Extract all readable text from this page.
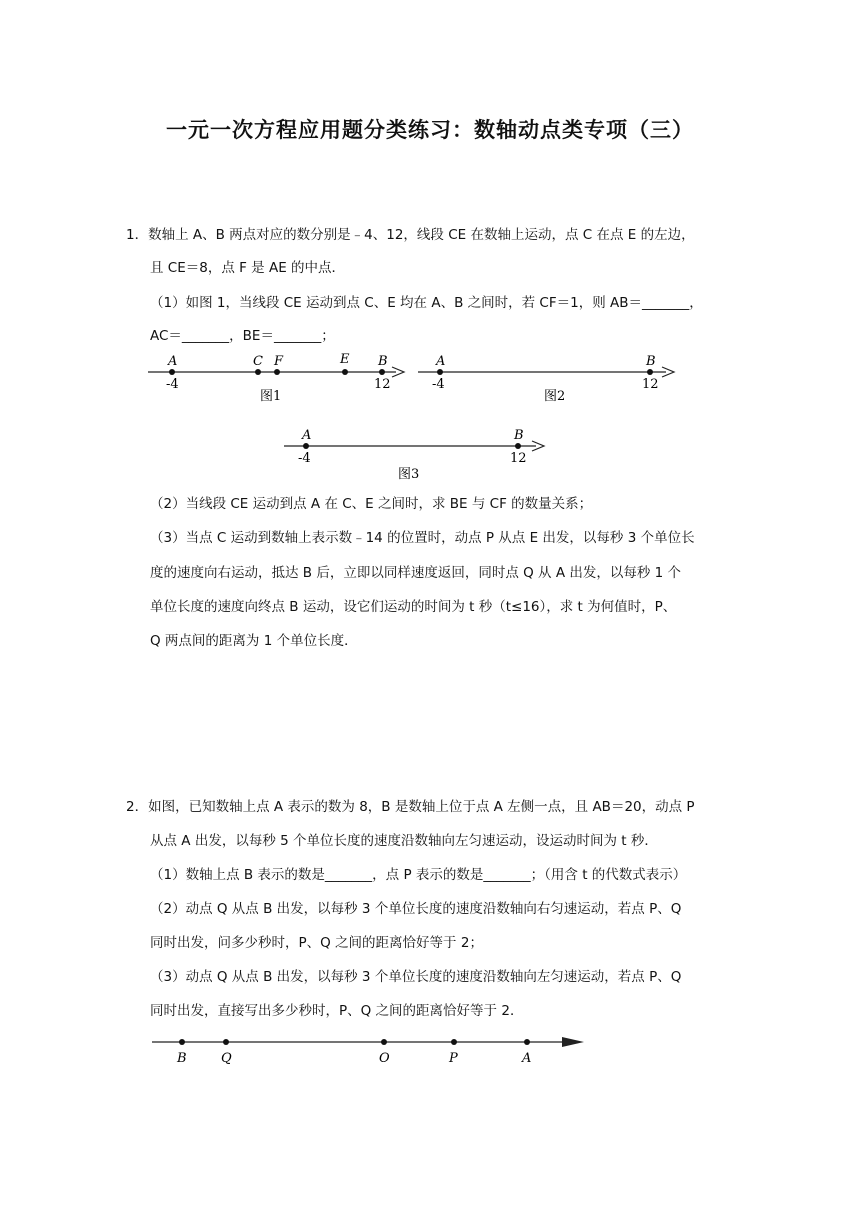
一元一次方程应用题分类练习：数轴动点类专项（三）
1．数轴上 A、B 两点对应的数分别是﹣4、12，线段 CE 在数轴上运动，点 C 在点 E 的左边，
且 CE＝8，点 F 是 AE 的中点．
（1）如图 1，当线段 CE 运动到点 C、E 均在 A、B 之间时，若 CF＝1，则 AB＝_______，
AC＝_______，BE＝_______；
A	C F	E B
-4	12
图1
A	B
-4	12
图2
A	B
-4	12
图3
（2）当线段 CE 运动到点 A 在 C、E 之间时，求 BE 与 CF 的数量关系；
（3）当点 C 运动到数轴上表示数﹣14 的位置时，动点 P 从点 E 出发，以每秒 3 个单位长
度的速度向右运动，抵达 B 后，立即以同样速度返回，同时点 Q 从 A 出发，以每秒 1 个
单位长度的速度向终点 B 运动，设它们运动的时间为 t 秒（t≤16），求 t 为何值时，P、
Q 两点间的距离为 1 个单位长度．
2．如图，已知数轴上点 A 表示的数为 8，B 是数轴上位于点 A 左侧一点，且 AB＝20，动点 P
从点 A 出发，以每秒 5 个单位长度的速度沿数轴向左匀速运动，设运动时间为 t 秒．
（1）数轴上点 B 表示的数是_______，点 P 表示的数是_______；（用含 t 的代数式表示）
（2）动点 Q 从点 B 出发，以每秒 3 个单位长度的速度沿数轴向右匀速运动，若点 P、Q
同时出发，问多少秒时，P、Q 之间的距离恰好等于 2；
（3）动点 Q 从点 B 出发，以每秒 3 个单位长度的速度沿数轴向左匀速运动，若点 P、Q
同时出发，直接写出多少秒时，P、Q 之间的距离恰好等于 2．
B	Q	O	P	A
